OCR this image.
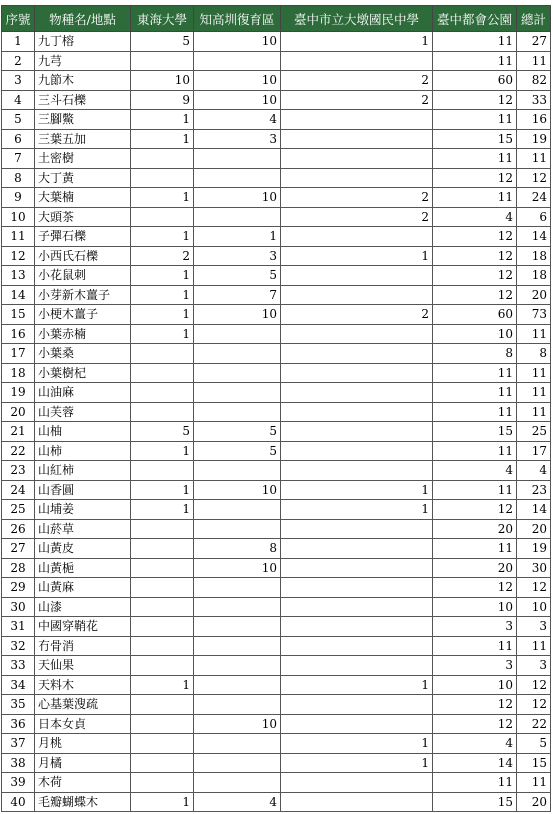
序號	物種名/地點	東海大學	知高圳復育區	臺中市立大墩國民中學	臺中都會公園	總計
1	九丁榕	5	10	1	11	27
2	九芎				11	11
3	九節木	10	10	2	60	82
4	三斗石櫟	9	10	2	12	33
5	三腳鱉	1	4		11	16
6	三葉五加	1	3		15	19
7	土密樹				11	11
8	大丁黃				12	12
9	大葉楠	1	10	2	11	24
10	大頭茶			2	4	6
11	子彈石櫟	1	1		12	14
12	小西氏石櫟	2	3	1	12	18
13	小花鼠刺	1	5		12	18
14	小芽新木薑子	1	7		12	20
15	小梗木薑子	1	10	2	60	73
16	小葉赤楠	1			10	11
17	小葉桑				8	8
18	小葉樹杞				11	11
19	山油麻				11	11
20	山芙蓉				11	11
21	山柚	5	5		15	25
22	山柿	1	5		11	17
23	山紅柿				4	4
24	山香圓	1	10	1	11	23
25	山埔姜	1		1	12	14
26	山菸草				20	20
27	山黃皮		8		11	19
28	山黃梔		10		20	30
29	山黃麻				12	12
30	山漆				10	10
31	中國穿鞘花				3	3
32	冇骨消				11	11
33	天仙果				3	3
34	天料木	1		1	10	12
35	心基葉溲疏				12	12
36	日本女貞		10		12	22
37	月桃			1	4	5
38	月橘			1	14	15
39	木荷				11	11
40	毛瓣蝴蝶木	1	4		15	20
